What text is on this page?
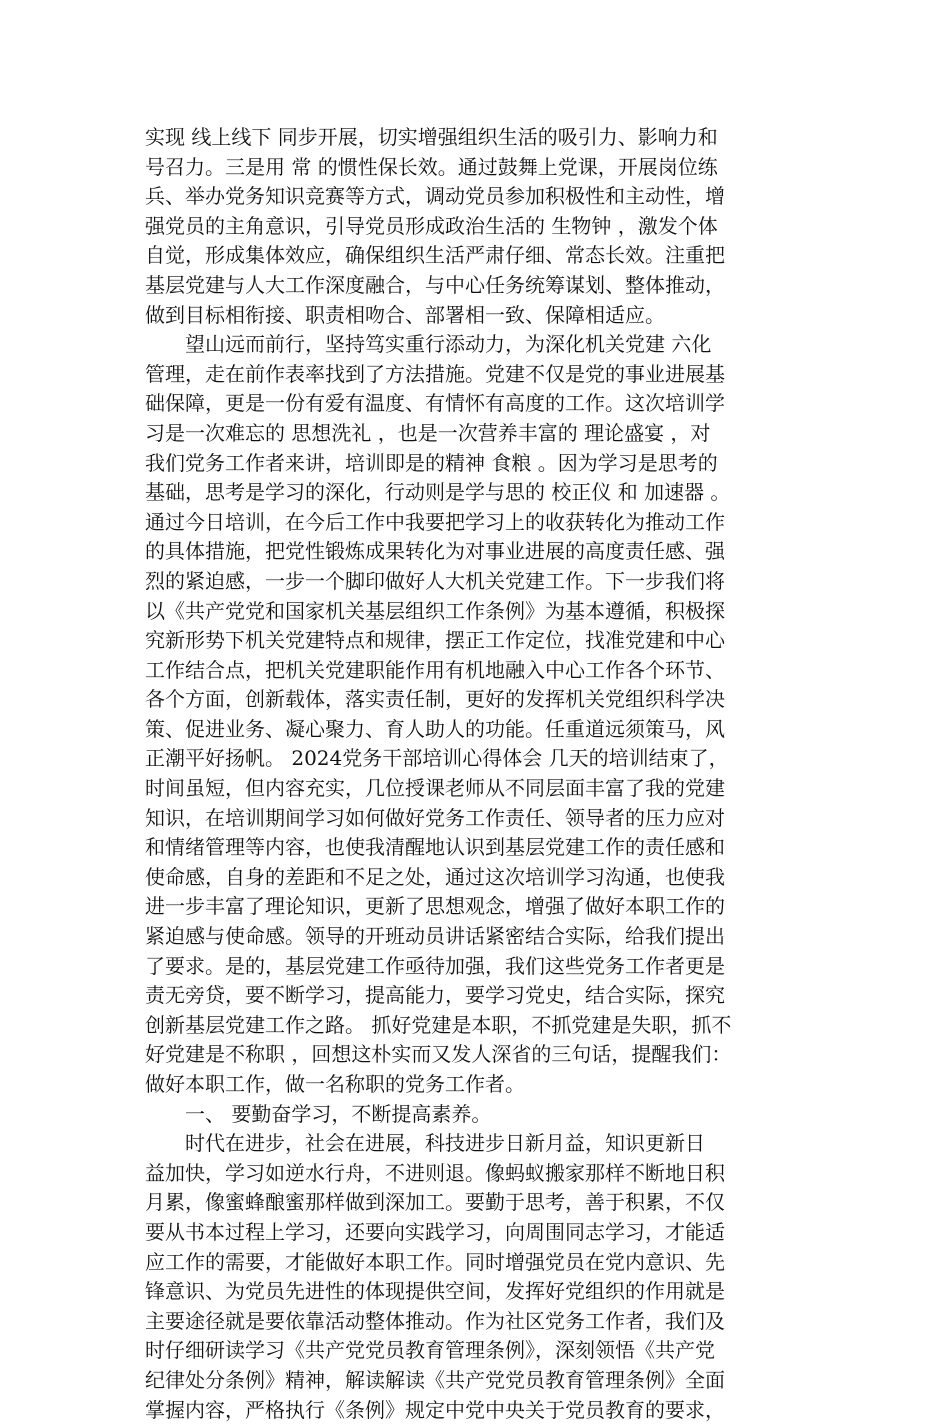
实现 线上线下 同步开展，切实增强组织生活的吸引力、影响力和
号召力。三是用 常 的惯性保长效。通过鼓舞上党课，开展岗位练
兵、举办党务知识竞赛等方式，调动党员参加积极性和主动性，增
强党员的主角意识，引导党员形成政治生活的 生物钟 ，激发个体
自觉，形成集体效应，确保组织生活严肃仔细、常态长效。注重把
基层党建与人大工作深度融合，与中心任务统筹谋划、整体推动，
做到目标相衔接、职责相吻合、部署相一致、保障相适应。
　　望山远而前行，坚持笃实重行添动力，为深化机关党建 六化
管理，走在前作表率找到了方法措施。党建不仅是党的事业进展基
础保障，更是一份有爱有温度、有情怀有高度的工作。这次培训学
习是一次难忘的 思想洗礼 ，也是一次营养丰富的 理论盛宴 ，对
我们党务工作者来讲，培训即是的精神 食粮 。因为学习是思考的
基础，思考是学习的深化，行动则是学与思的 校正仪 和 加速器 。
通过今日培训，在今后工作中我要把学习上的收获转化为推动工作
的具体措施，把党性锻炼成果转化为对事业进展的高度责任感、强
烈的紧迫感，一步一个脚印做好人大机关党建工作。下一步我们将
以《共产党党和国家机关基层组织工作条例》为基本遵循，积极探
究新形势下机关党建特点和规律，摆正工作定位，找准党建和中心
工作结合点，把机关党建职能作用有机地融入中心工作各个环节、
各个方面，创新载体，落实责任制，更好的发挥机关党组织科学决
策、促进业务、凝心聚力、育人助人的功能。任重道远须策马，风
正潮平好扬帆。 2024党务干部培训心得体会 几天的培训结束了，
时间虽短，但内容充实，几位授课老师从不同层面丰富了我的党建
知识，在培训期间学习如何做好党务工作责任、领导者的压力应对
和情绪管理等内容，也使我清醒地认识到基层党建工作的责任感和
使命感，自身的差距和不足之处，通过这次培训学习沟通，也使我
进一步丰富了理论知识，更新了思想观念，增强了做好本职工作的
紧迫感与使命感。领导的开班动员讲话紧密结合实际，给我们提出
了要求。是的，基层党建工作亟待加强，我们这些党务工作者更是
责无旁贷，要不断学习，提高能力，要学习党史，结合实际，探究
创新基层党建工作之路。 抓好党建是本职，不抓党建是失职，抓不
好党建是不称职 ，回想这朴实而又发人深省的三句话，提醒我们：
做好本职工作，做一名称职的党务工作者。
　　一、 要勤奋学习，不断提高素养。
　　时代在进步，社会在进展，科技进步日新月益，知识更新日
益加快，学习如逆水行舟，不进则退。像蚂蚁搬家那样不断地日积
月累，像蜜蜂酿蜜那样做到深加工。要勤于思考，善于积累，不仅
要从书本过程上学习，还要向实践学习，向周围同志学习，才能适
应工作的需要，才能做好本职工作。同时增强党员在党内意识、先
锋意识、为党员先进性的体现提供空间，发挥好党组织的作用就是
主要途径就是要依靠活动整体推动。作为社区党务工作者，我们及
时仔细研读学习《共产党党员教育管理条例》，深刻领悟《共产党
纪律处分条例》精神，解读解读《共产党党员教育管理条例》全面
掌握内容，严格执行《条例》规定中党中央关于党员教育的要求，
